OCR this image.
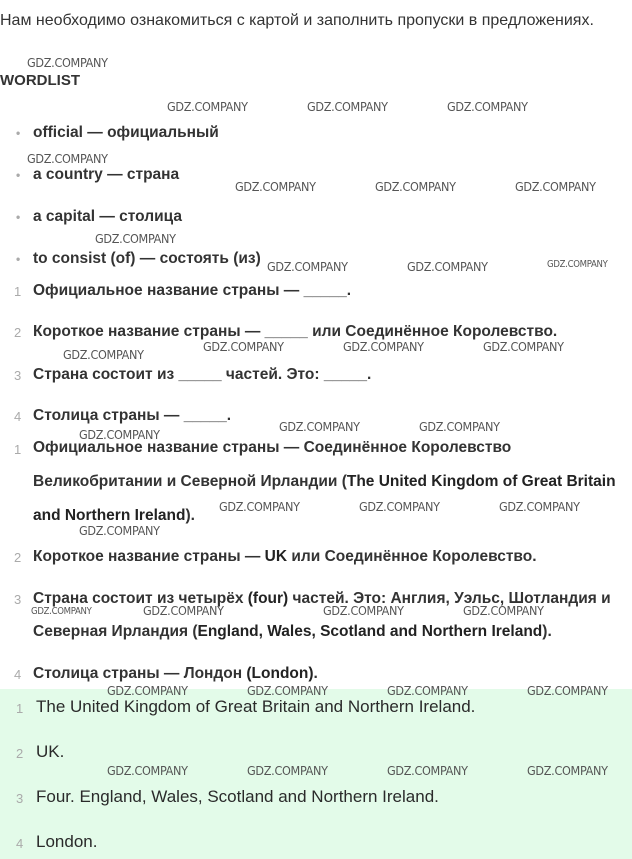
Нам необходимо ознакомиться с картой и заполнить пропуски в предложениях.
WORDLIST
• official — официальный
• a country — страна
• a capital — столица
• to consist (of) — состоять (из)
1 Официальное название страны — _____.
2 Короткое название страны — _____ или Соединённое Королевство.
3 Страна состоит из _____ частей. Это: _____.
4 Столица страны — _____.
1 Официальное название страны — Соединённое Королевство
Великобритании и Северной Ирландии (The United Kingdom of Great Britain
and Northern Ireland).
2 Короткое название страны — UK или Соединённое Королевство.
3 Страна состоит из четырёх (four) частей. Это: Англия, Уэльс, Шотландия и
Северная Ирландия (England, Wales, Scotland and Northern Ireland).
4 Столица страны — Лондон (London).
1 The United Kingdom of Great Britain and Northern Ireland.
2 UK.
3 Four. England, Wales, Scotland and Northern Ireland.
4 London.
GDZ.COMPANY
GDZ.COMPANY	GDZ.COMPANY	GDZ.COMPANY
GDZ.COMPANY
GDZ.COMPANY	GDZ.COMPANY	GDZ.COMPANY
GDZ.COMPANY
GDZ.COMPANY	GDZ.COMPANY	GDZ.COMPANY
GDZ.COMPANY
GDZ.COMPANY	GDZ.COMPANY	GDZ.COMPANY
GDZ.COMPANY	GDZ.COMPANY
GDZ.COMPANY
GDZ.COMPANY	GDZ.COMPANY	GDZ.COMPANY
GDZ.COMPANY
GDZ.COMPANY	GDZ.COMPANY	GDZ.COMPANY	GDZ.COMPANY
GDZ.COMPANY	GDZ.COMPANY	GDZ.COMPANY	GDZ.COMPANY
GDZ.COMPANY	GDZ.COMPANY	GDZ.COMPANY	GDZ.COMPANY
